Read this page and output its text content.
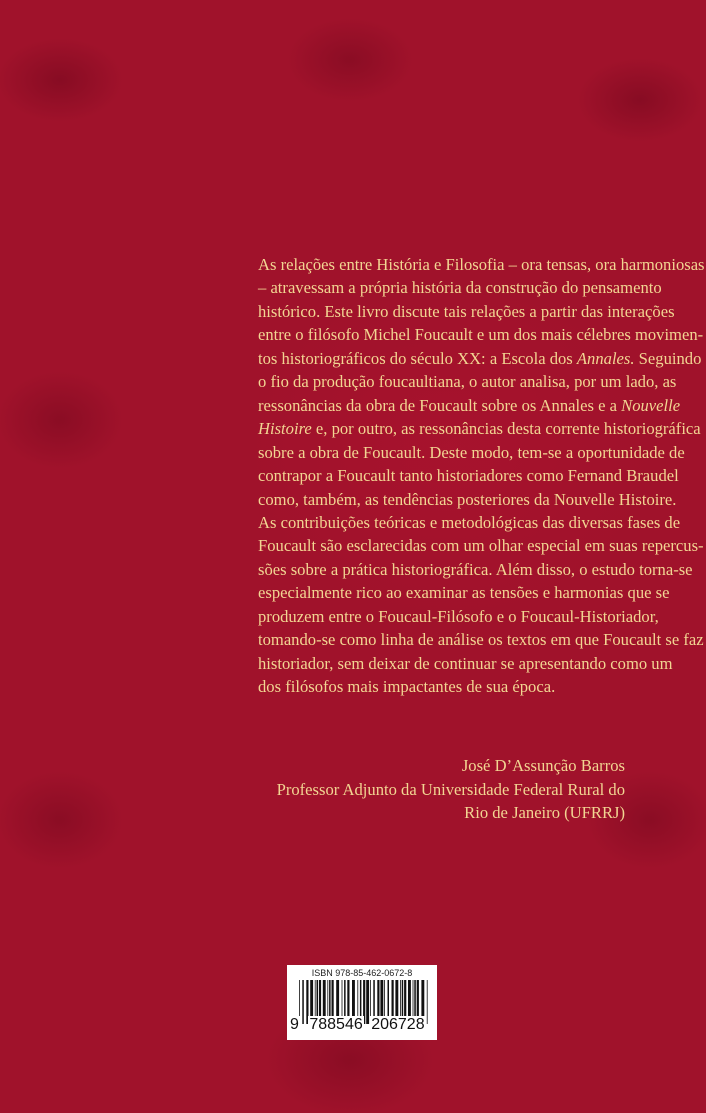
As relações entre História e Filosofia – ora tensas, ora harmoniosas
– atravessam a própria história da construção do pensamento
histórico. Este livro discute tais relações a partir das interações
entre o filósofo Michel Foucault e um dos mais célebres movimen-
tos historiográficos do século XX: a Escola dos Annales. Seguindo
o fio da produção foucaultiana, o autor analisa, por um lado, as
ressonâncias da obra de Foucault sobre os Annales e a Nouvelle
Histoire e, por outro, as ressonâncias desta corrente historiográfica
sobre a obra de Foucault. Deste modo, tem-se a oportunidade de
contrapor a Foucault tanto historiadores como Fernand Braudel
como, também, as tendências posteriores da Nouvelle Histoire.
As contribuições teóricas e metodológicas das diversas fases de
Foucault são esclarecidas com um olhar especial em suas repercus-
sões sobre a prática historiográfica. Além disso, o estudo torna-se
especialmente rico ao examinar as tensões e harmonias que se
produzem entre o Foucaul-Filósofo e o Foucaul-Historiador,
tomando-se como linha de análise os textos em que Foucault se faz
historiador, sem deixar de continuar se apresentando como um
dos filósofos mais impactantes de sua época.
José D’Assunção Barros
Professor Adjunto da Universidade Federal Rural do
Rio de Janeiro (UFRRJ)
ISBN 978-85-462-0672-8
9 788546 206728
